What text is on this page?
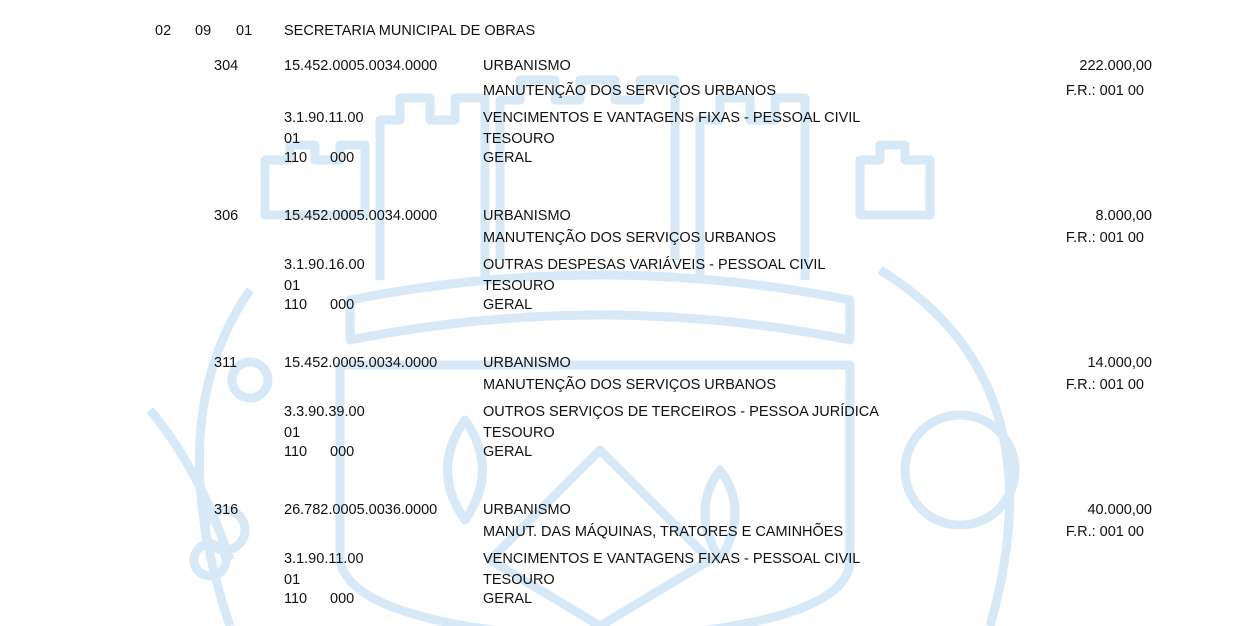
02 09 01 SECRETARIA MUNICIPAL DE OBRAS
304	15.452.0005.0034.0000	URBANISMO	222.000,00
MANUTENÇÃO DOS SERVIÇOS URBANOS	F.R.: 001 00
3.1.90.11.00	VENCIMENTOS E VANTAGENS FIXAS - PESSOAL CIVIL
01	TESOURO
110 000	GERAL
306	15.452.0005.0034.0000	URBANISMO	8.000,00
MANUTENÇÃO DOS SERVIÇOS URBANOS	F.R.: 001 00
3.1.90.16.00	OUTRAS DESPESAS VARIÁVEIS - PESSOAL CIVIL
01	TESOURO
110 000	GERAL
311	15.452.0005.0034.0000	URBANISMO	14.000,00
MANUTENÇÃO DOS SERVIÇOS URBANOS	F.R.: 001 00
3.3.90.39.00	OUTROS SERVIÇOS DE TERCEIROS - PESSOA JURÍDICA
01	TESOURO
110 000	GERAL
316	26.782.0005.0036.0000	URBANISMO	40.000,00
MANUT. DAS MÁQUINAS, TRATORES E CAMINHÕES	F.R.: 001 00
3.1.90.11.00	VENCIMENTOS E VANTAGENS FIXAS - PESSOAL CIVIL
01	TESOURO
110 000	GERAL
